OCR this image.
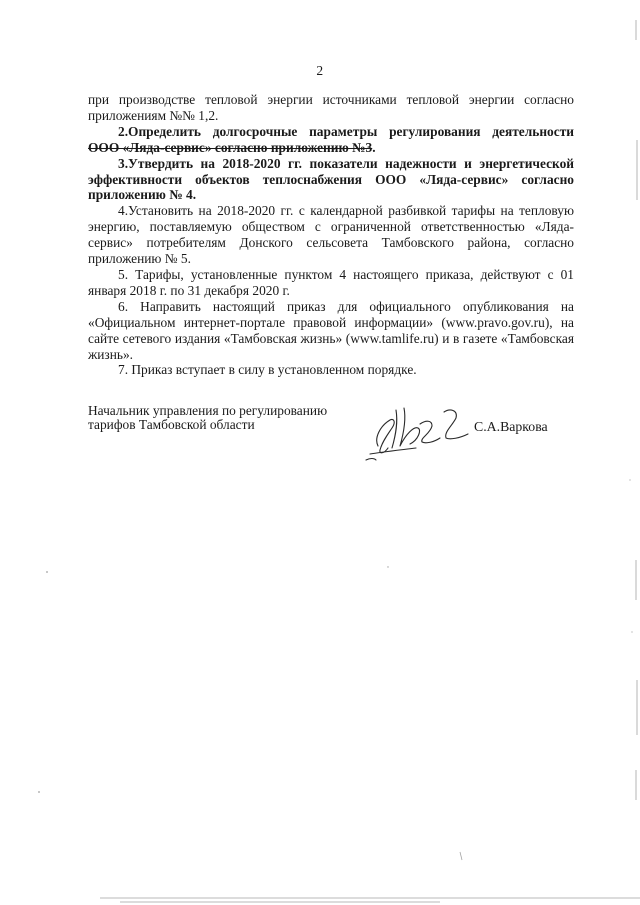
2

при производстве тепловой энергии источниками тепловой энергии согласно приложениям №№ 1,2.

2.Определить долгосрочные параметры регулирования деятельности ООО «Ляда-сервис» согласно приложению №3.

3.Утвердить на 2018-2020 гг. показатели надежности и энергетической эффективности объектов теплоснабжения ООО «Ляда-сервис» согласно приложению № 4.

4.Установить на 2018-2020 гг. с календарной разбивкой тарифы на тепловую энергию, поставляемую обществом с ограниченной ответственностью «Ляда-сервис» потребителям Донского сельсовета Тамбовского района, согласно приложению № 5.

5. Тарифы, установленные пунктом 4 настоящего приказа, действуют с 01 января 2018 г. по 31 декабря 2020 г.

6. Направить настоящий приказ для официального опубликования на «Официальном интернет-портале правовой информации» (www.pravo.gov.ru), на сайте сетевого издания «Тамбовская жизнь» (www.tamlife.ru) и в газете «Тамбовская жизнь».

7. Приказ вступает в силу в установленном порядке.

Начальник управления по регулированию
тарифов Тамбовской области	С.А.Варкова
